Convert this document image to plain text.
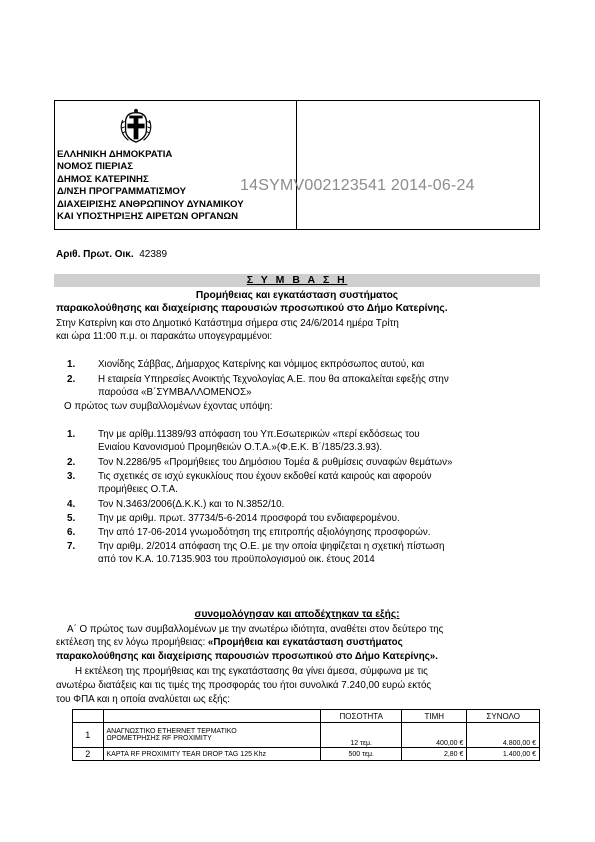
ΕΛΛΗΝΙΚΗ ΔΗΜΟΚΡΑΤΙΑ
ΝΟΜΟΣ ΠΙΕΡΙΑΣ
ΔΗΜΟΣ ΚΑΤΕΡΙΝΗΣ
Δ/ΝΣΗ ΠΡΟΓΡΑΜΜΑΤΙΣΜΟΥ
ΔΙΑΧΕΙΡΙΣΗΣ ΑΝΘΡΩΠΙΝΟΥ ΔΥΝΑΜΙΚΟΥ
ΚΑΙ ΥΠΟΣΤΗΡΙΞΗΣ ΑΙΡΕΤΩΝ ΟΡΓΑΝΩΝ
14SYMV002123541 2014-06-24
Αριθ. Πρωτ. Οικ. 42389
Σ Υ Μ Β Α Σ Η
Προμήθειας και εγκατάσταση συστήματος
παρακολούθησης και διαχείρισης παρουσιών προσωπικού στο Δήμο Κατερίνης.
Στην Κατερίνη και στο Δημοτικό Κατάστημα σήμερα στις 24/6/2014 ημέρα Τρίτη
και ώρα 11:00 π.μ. οι παρακάτω υπογεγραμμένοι:
1. Χιονίδης Σάββας, Δήμαρχος Κατερίνης και νόμιμος εκπρόσωπος αυτού, και
2. Η εταιρεία Υπηρεσίες Ανοικτής Τεχνολογίας Α.Ε. που θα αποκαλείται εφεξής στην
παρούσα «Β΄ΣΥΜΒΑΛΛΟΜΕΝΟΣ»
Ο πρώτος των συμβαλλομένων έχοντας υπόψη:
1. Την με αρίθμ.11389/93 απόφαση του Υπ.Εσωτερικών «περί εκδόσεως του
Ενιαίου Κανονισμού Προμηθειών Ο.Τ.Α.»(Φ.Ε.Κ. Β΄/185/23.3.93).
2. Τον Ν.2286/95 «Προμήθειες του Δημόσιου Τομέα & ρυθμίσεις συναφών θεμάτων»
3. Τις σχετικές σε ισχύ εγκυκλίους που έχουν εκδοθεί κατά καιρούς και αφορούν
προμήθειες Ο.Τ.Α.
4. Τον Ν.3463/2006(Δ.Κ.Κ.) και το Ν.3852/10.
5. Την με αριθμ. πρωτ. 37734/5-6-2014 προσφορά του ενδιαφερομένου.
6. Την από 17-06-2014 γνωμοδότηση της επιτροπής αξιολόγησης προσφορών.
7. Την αριθμ. 2/2014 απόφαση της Ο.Ε. με την οποία ψηφίζεται η σχετική πίστωση
από τον Κ.Α. 10.7135.903 του προϋπολογισμού οικ. έτους 2014
συνομολόγησαν και αποδέχτηκαν τα εξής:
Α΄ Ο πρώτος των συμβαλλομένων με την ανωτέρω ιδιότητα, αναθέτει στον δεύτερο της
εκτέλεση της εν λόγω προμήθειας: «Προμήθεια και εγκατάσταση συστήματος
παρακολούθησης και διαχείρισης παρουσιών προσωπικού στο Δήμο Κατερίνης».
Η εκτέλεση της προμήθειας και της εγκατάστασης θα γίνει άμεσα, σύμφωνα με τις
ανωτέρω διατάξεις και τις τιμές της προσφοράς του ήτοι συνολικά 7.240,00 ευρώ εκτός
του ΦΠΑ και η οποία αναλύεται ως εξής:
		ΠΟΣΟΤΗΤΑ	ΤΙΜΗ	ΣΥΝΟΛΟ
1	ΑΝΑΓΝΩΣΤΙΚΟ ETHERNET ΤΕΡΜΑΤΙΚΟ
ΩΡΟΜΕΤΡΗΣΗΣ RF PROXIMITY	12 τεμ.	400,00 €	4.800,00 €
2	ΚΑΡΤΑ RF PROXIMITY TEAR DROP TAG 125 Khz	500 τεμ.	2,80 €	1.400,00 €
